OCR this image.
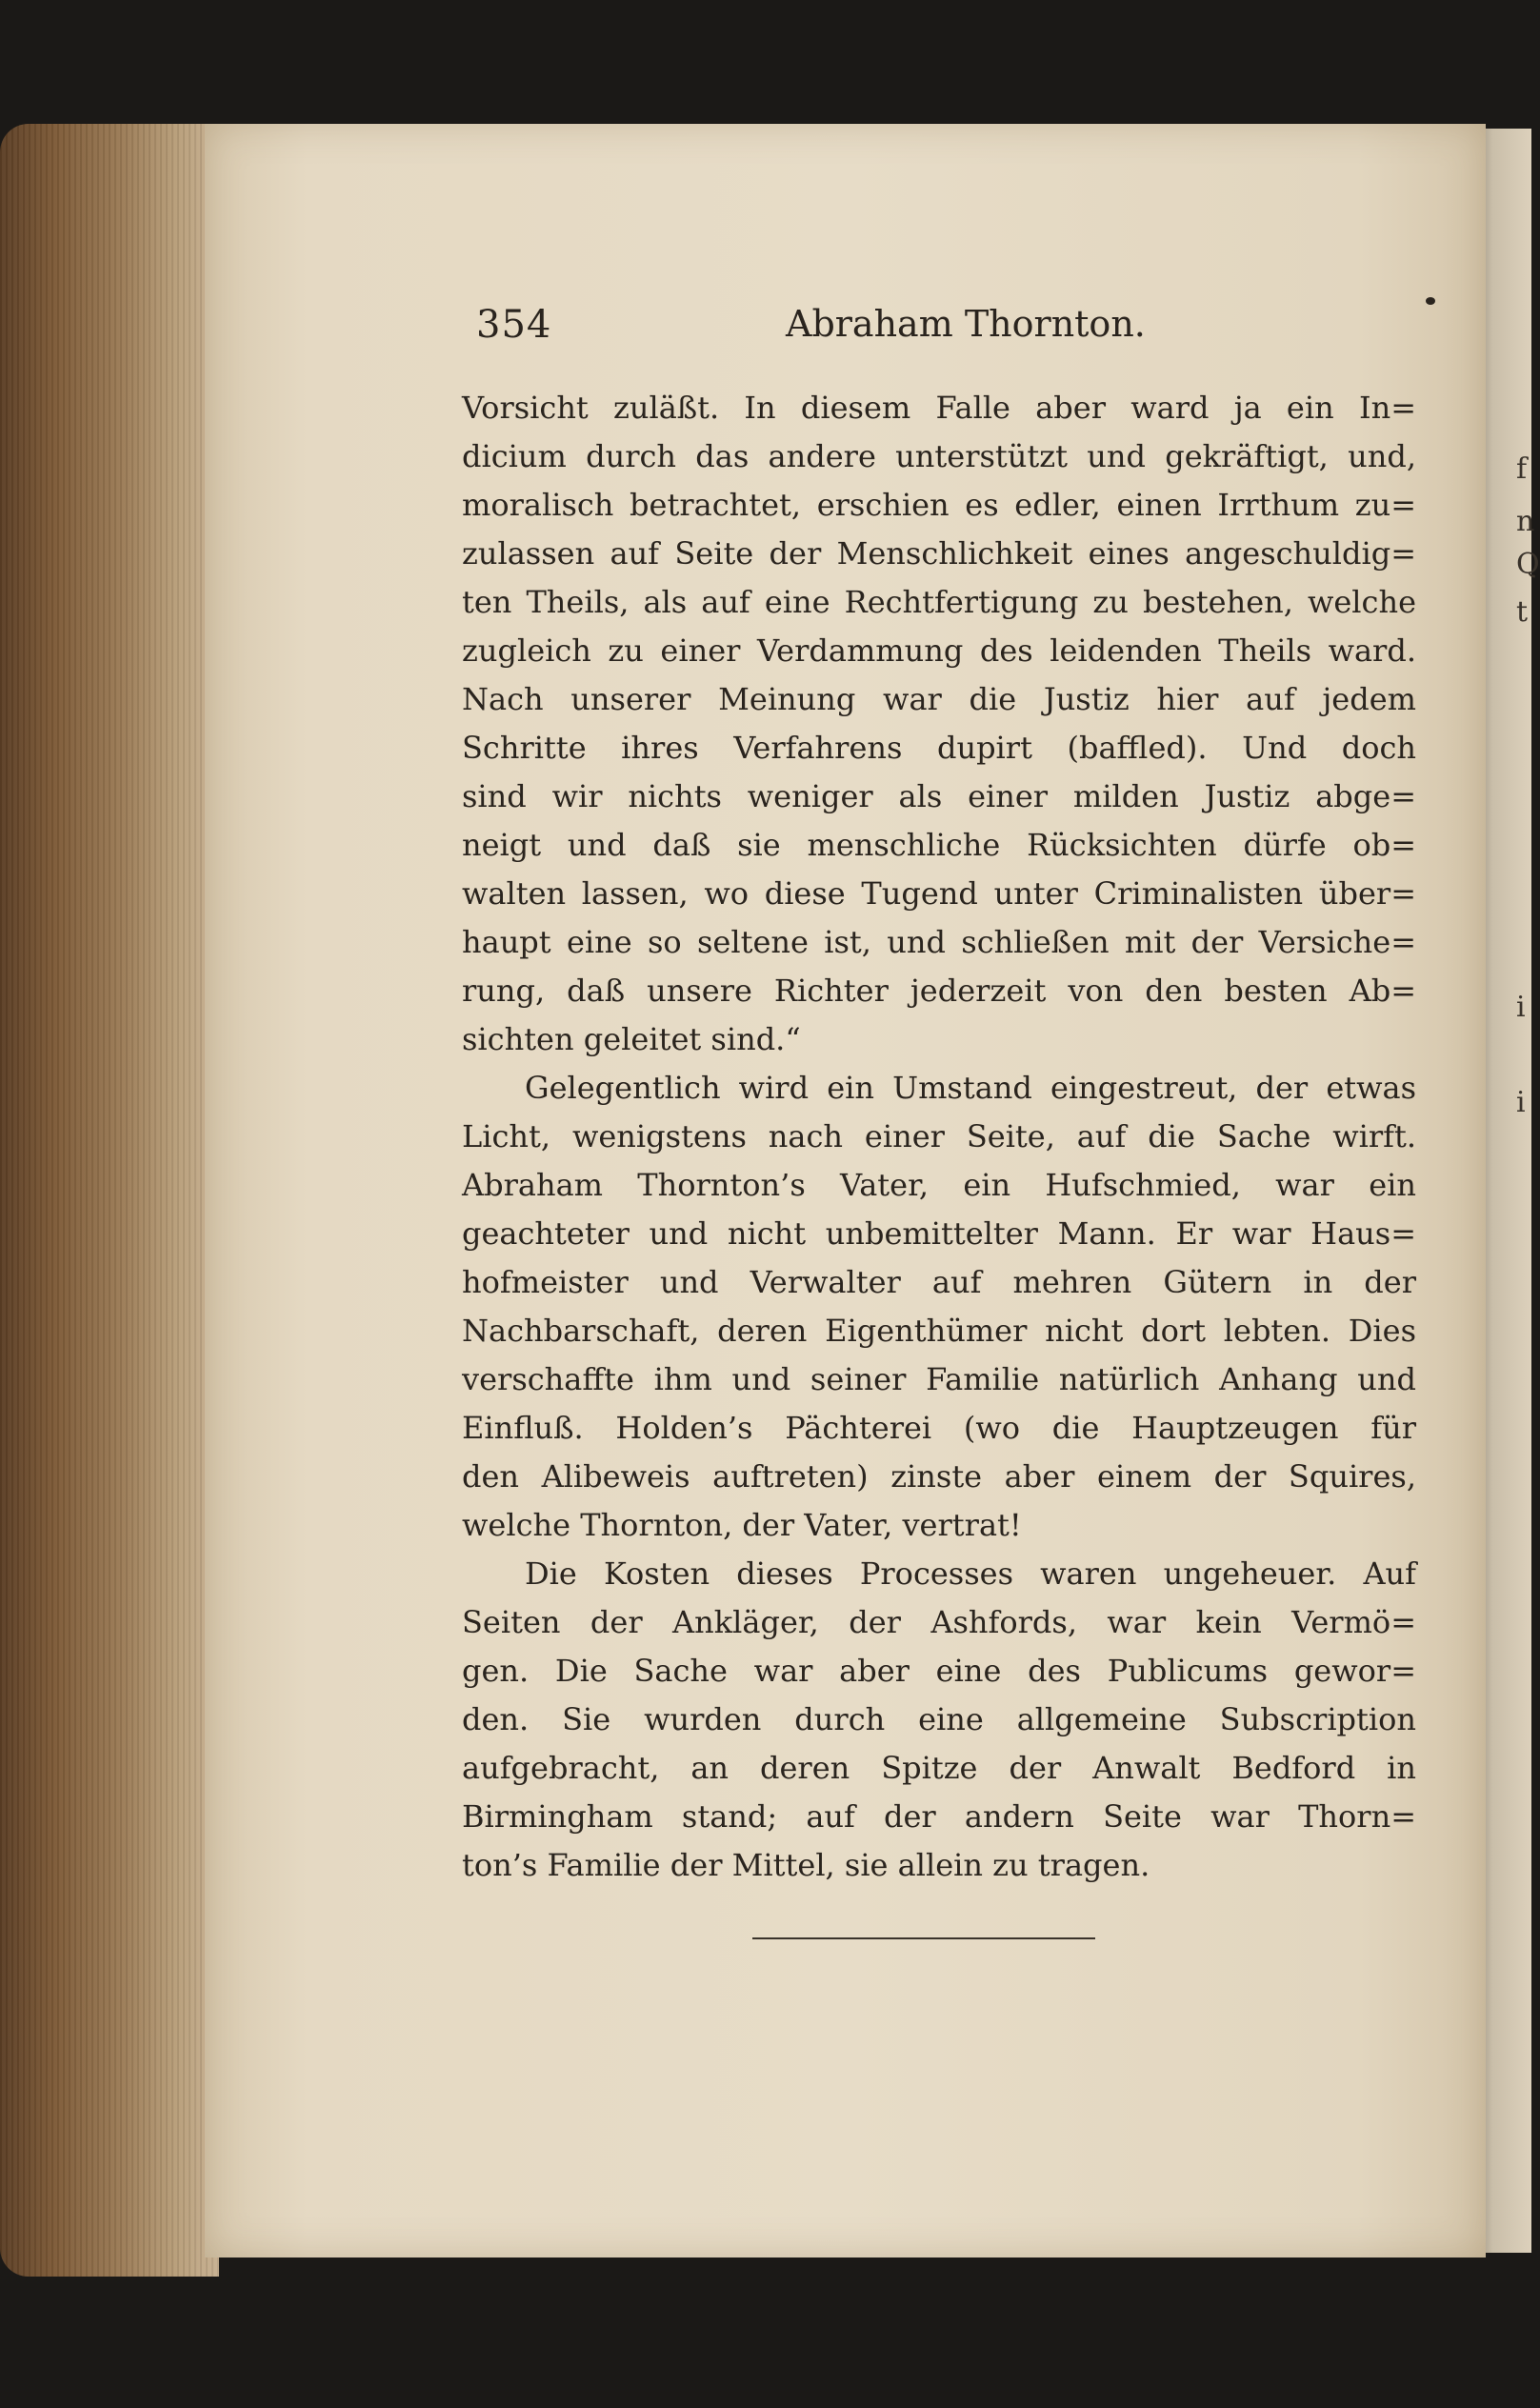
f
n
Q
t
i
i
354	Abraham Thornton.
Vorsicht zuläßt. In diesem Falle aber ward ja ein In=
dicium durch das andere unterstützt und gekräftigt, und,
moralisch betrachtet, erschien es edler, einen Irrthum zu=
zulassen auf Seite der Menschlichkeit eines angeschuldig=
ten Theils, als auf eine Rechtfertigung zu bestehen, welche
zugleich zu einer Verdammung des leidenden Theils ward.
Nach unserer Meinung war die Justiz hier auf jedem
Schritte ihres Verfahrens dupirt (baffled). Und doch
sind wir nichts weniger als einer milden Justiz abge=
neigt und daß sie menschliche Rücksichten dürfe ob=
walten lassen, wo diese Tugend unter Criminalisten über=
haupt eine so seltene ist, und schließen mit der Versiche=
rung, daß unsere Richter jederzeit von den besten Ab=
sichten geleitet sind.“
Gelegentlich wird ein Umstand eingestreut, der etwas
Licht, wenigstens nach einer Seite, auf die Sache wirft.
Abraham Thornton’s Vater, ein Hufschmied, war ein
geachteter und nicht unbemittelter Mann. Er war Haus=
hofmeister und Verwalter auf mehren Gütern in der
Nachbarschaft, deren Eigenthümer nicht dort lebten. Dies
verschaffte ihm und seiner Familie natürlich Anhang und
Einfluß. Holden’s Pächterei (wo die Hauptzeugen für
den Alibeweis auftreten) zinste aber einem der Squires,
welche Thornton, der Vater, vertrat!
Die Kosten dieses Processes waren ungeheuer. Auf
Seiten der Ankläger, der Ashfords, war kein Vermö=
gen. Die Sache war aber eine des Publicums gewor=
den. Sie wurden durch eine allgemeine Subscription
aufgebracht, an deren Spitze der Anwalt Bedford in
Birmingham stand; auf der andern Seite war Thorn=
ton’s Familie der Mittel, sie allein zu tragen.
